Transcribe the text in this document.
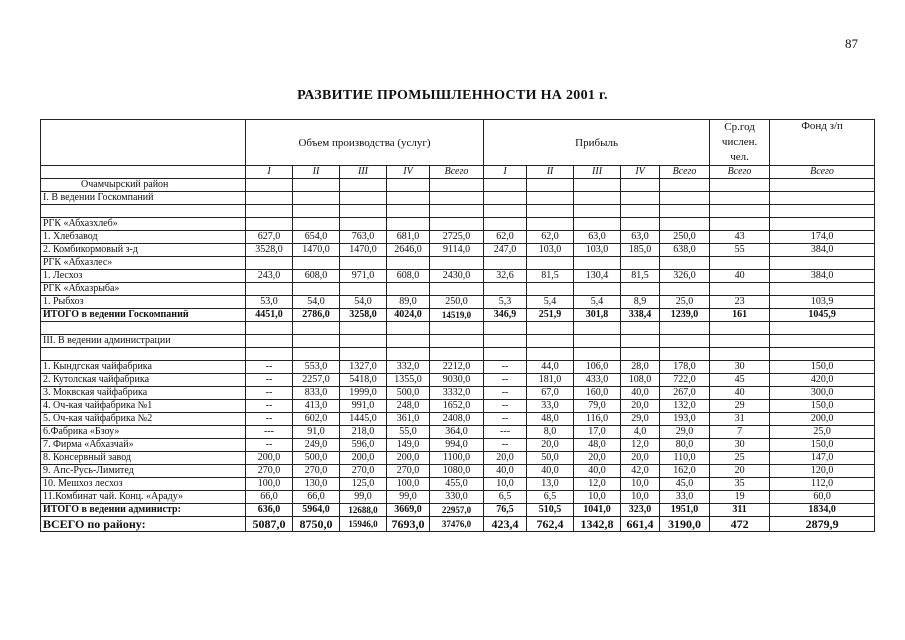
87
РАЗВИТИЕ ПРОМЫШЛЕННОСТИ НА 2001 г.
	Объем производства (услуг)					Прибыль					Ср.год числен. чел.	Фонд з/п
	I	II	III	IV	Всего	I	II	III	IV	Всего	Всего	Всего
Очамчырский район												
I. В ведении Госкомпаний												

РГК «Абхазхлеб»												
1. Хлебзавод	627,0	654,0	763,0	681,0	2725,0	62,0	62,0	63,0	63,0	250,0	43	174,0
2. Комбикормовый з-д	3528,0	1470,0	1470,0	2646,0	9114,0	247,0	103,0	103,0	185,0	638,0	55	384,0
РГК «Абхазлес»												
1. Лесхоз	243,0	608,0	971,0	608,0	2430,0	32,6	81,5	130,4	81,5	326,0	40	384,0
РГК «Абхазрыба»												
1. Рыбхоз	53,0	54,0	54,0	89,0	250,0	5,3	5,4	5,4	8,9	25,0	23	103,9
ИТОГО в ведении Госкомпаний	4451,0	2786,0	3258,0	4024,0	14519,0	346,9	251,9	301,8	338,4	1239,0	161	1045,9

III. В ведении администрации												

1. Кындгская чайфабрика	--	553,0	1327,0	332,0	2212,0	--	44,0	106,0	28,0	178,0	30	150,0
2. Кутолская чайфабрика	--	2257,0	5418,0	1355,0	9030,0	--	181,0	433,0	108,0	722,0	45	420,0
3. Моквская чайфабрика	--	833,0	1999,0	500,0	3332,0	--	67,0	160,0	40,0	267,0	40	300,0
4. Оч-кая чайфабрика №1	--	413,0	991,0	248,0	1652,0	--	33,0	79,0	20,0	132,0	29	150,0
5. Оч-кая чайфабрика №2	--	602,0	1445,0	361,0	2408,0	--	48,0	116,0	29,0	193,0	31	200,0
6.Фабрика «Бзоу»	---	91,0	218,0	55,0	364,0	---	8,0	17,0	4,0	29,0	7	25,0
7. Фирма «Абхазчай»	--	249,0	596,0	149,0	994,0	--	20,0	48,0	12,0	80,0	30	150,0
8. Консервный завод	200,0	500,0	200,0	200,0	1100,0	20,0	50,0	20,0	20,0	110,0	25	147,0
9. Апс-Русь-Лимитед	270,0	270,0	270,0	270,0	1080,0	40,0	40,0	40,0	42,0	162,0	20	120,0
10. Мешхоз лесхоз	100,0	130,0	125,0	100,0	455,0	10,0	13,0	12,0	10,0	45,0	35	112,0
11.Комбинат чай. Конц. «Араду»	66,0	66,0	99,0	99,0	330,0	6,5	6,5	10,0	10,0	33,0	19	60,0
ИТОГО в ведении администр:	636,0	5964,0	12688,0	3669,0	22957,0	76,5	510,5	1041,0	323,0	1951,0	311	1834,0
ВСЕГО по району:	5087,0	8750,0	15946,0	7693,0	37476,0	423,4	762,4	1342,8	661,4	3190,0	472	2879,9
